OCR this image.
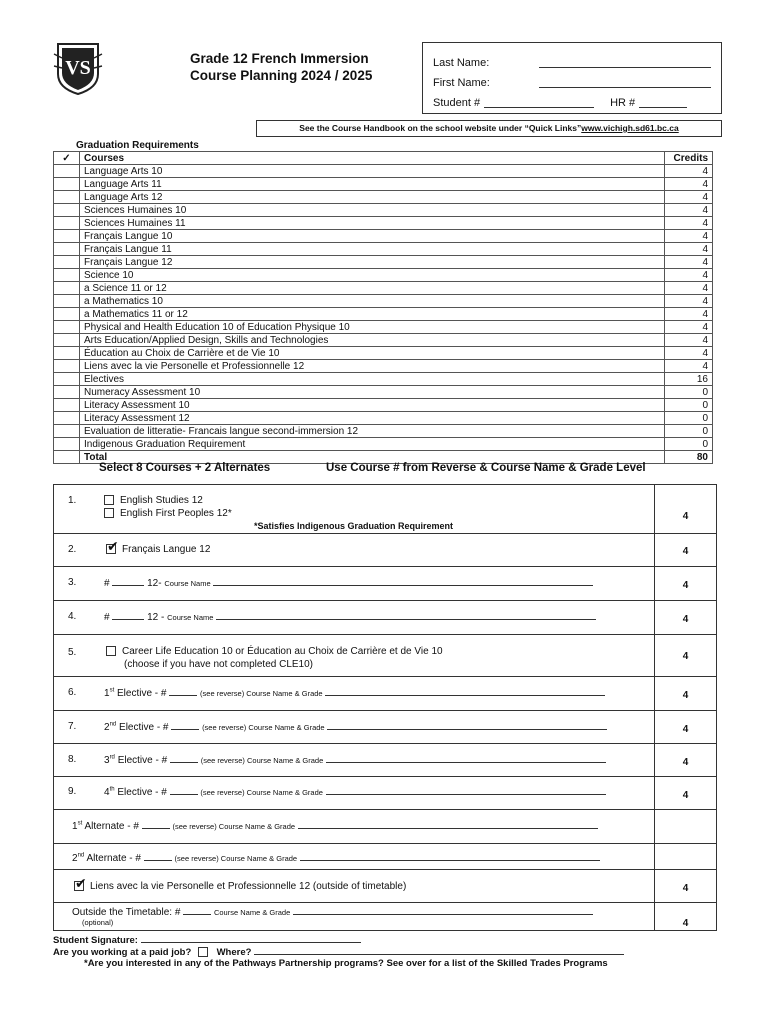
VS	Grade 12 French Immersion
Course Planning 2024 / 2025
Last Name:
First Name:
Student #	HR #
See the Course Handbook on the school website under “Quick Links”www.vichigh.sd61.bc.ca
Graduation Requirements
✓	Courses	Credits
	Language Arts 10	4
	Language Arts 11	4
	Language Arts 12	4
	Sciences Humaines 10	4
	Sciences Humaines 11	4
	Français Langue 10	4
	Français Langue 11	4
	Français Langue 12	4
	Science 10	4
	a Science 11 or 12	4
	a Mathematics 10	4
	a Mathematics 11 or 12	4
	Physical and Health Education 10 of Education Physique 10	4
	Arts Education/Applied Design, Skills and Technologies	4
	Éducation au Choix de Carrière et de Vie 10	4
	Liens avec la vie Personelle et Professionnelle 12	4
	Electives	16
	Numeracy Assessment 10	0
	Literacy Assessment 10	0
	Literacy Assessment 12	0
	Evaluation de litteratie- Francais langue second-immersion 12	0
	Indigenous Graduation Requirement	0
	Total	80
Select 8 Courses + 2 Alternates	Use Course # from Reverse & Course Name & Grade Level
1.	English Studies 12
English First Peoples 12*
*Satisfies Indigenous Graduation Requirement
4
2. ✔	Français Langue 12	4
3.	#	12- Course Name	4
4.	#	12 - Course Name	4
5.	Career Life Education 10 or Éducation au Choix de Carrière et de Vie 10
(choose if you have not completed CLE10)
4
6.	1st Elective - #	(see reverse) Course Name & Grade	4
7.	2nd Elective - #	(see reverse) Course Name & Grade	4
8.	3rd Elective - #	(see reverse) Course Name & Grade	4
9.	4th Elective - #	(see reverse) Course Name & Grade	4
1st Alternate - #	(see reverse) Course Name & Grade
2nd Alternate - #	(see reverse) Course Name & Grade
✔Liens avec la vie Personelle et Professionnelle 12 (outside of timetable)	4
Outside the Timetable: #	Course Name & Grade
(optional)	4
Student Signature:
Are you working at a paid job?	Where?
*Are you interested in any of the Pathways Partnership programs? See over for a list of the Skilled Trades Programs
